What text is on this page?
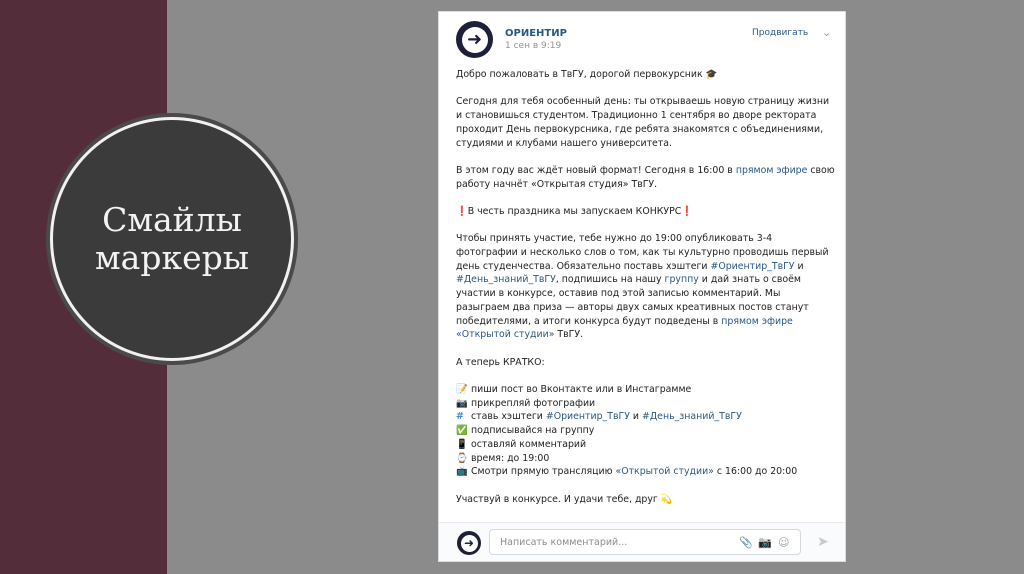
Смайлы
маркеры
➜	ОРИЕНТИР
1 сен в 9:19
Продвигать ⌄

Добро пожаловать в ТвГУ, дорогой первокурсник 🎓

Сегодня для тебя особенный день: ты открываешь новую страницу жизни и становишься студентом. Традиционно 1 сентября во дворе ректората проходит День первокурсника, где ребята знакомятся с объединениями, студиями и клубами нашего университета.

В этом году вас ждёт новый формат! Сегодня в 16:00 в прямом эфире свою работу начнёт «Открытая студия» ТвГУ.

❗В честь праздника мы запускаем КОНКУРС❗

Чтобы принять участие, тебе нужно до 19:00 опубликовать 3-4 фотографии и несколько слов о том, как ты культурно проводишь первый день студенчества. Обязательно поставь хэштеги #Ориентир_ТвГУ и #День_знаний_ТвГУ, подпишись на нашу группу и дай знать о своём участии в конкурсе, оставив под этой записью комментарий. Мы разыграем два приза — авторы двух самых креативных постов станут победителями, а итоги конкурса будут подведены в прямом эфире «Открытой студии» ТвГУ.

А теперь КРАТКО:

📝 пиши пост во Вконтакте или в Инстаграмме
📷 прикрепляй фотографии
# ставь хэштеги #Ориентир_ТвГУ и #День_знаний_ТвГУ
✅ подписывайся на группу
📱 оставляй комментарий
⌚ время: до 19:00
📺 Смотри прямую трансляцию «Открытой студии» с 16:00 до 20:00

Участвуй в конкурсе. И удачи тебе, друг 💫

➜	Написать комментарий...	📎 📷 ☺ ➤
